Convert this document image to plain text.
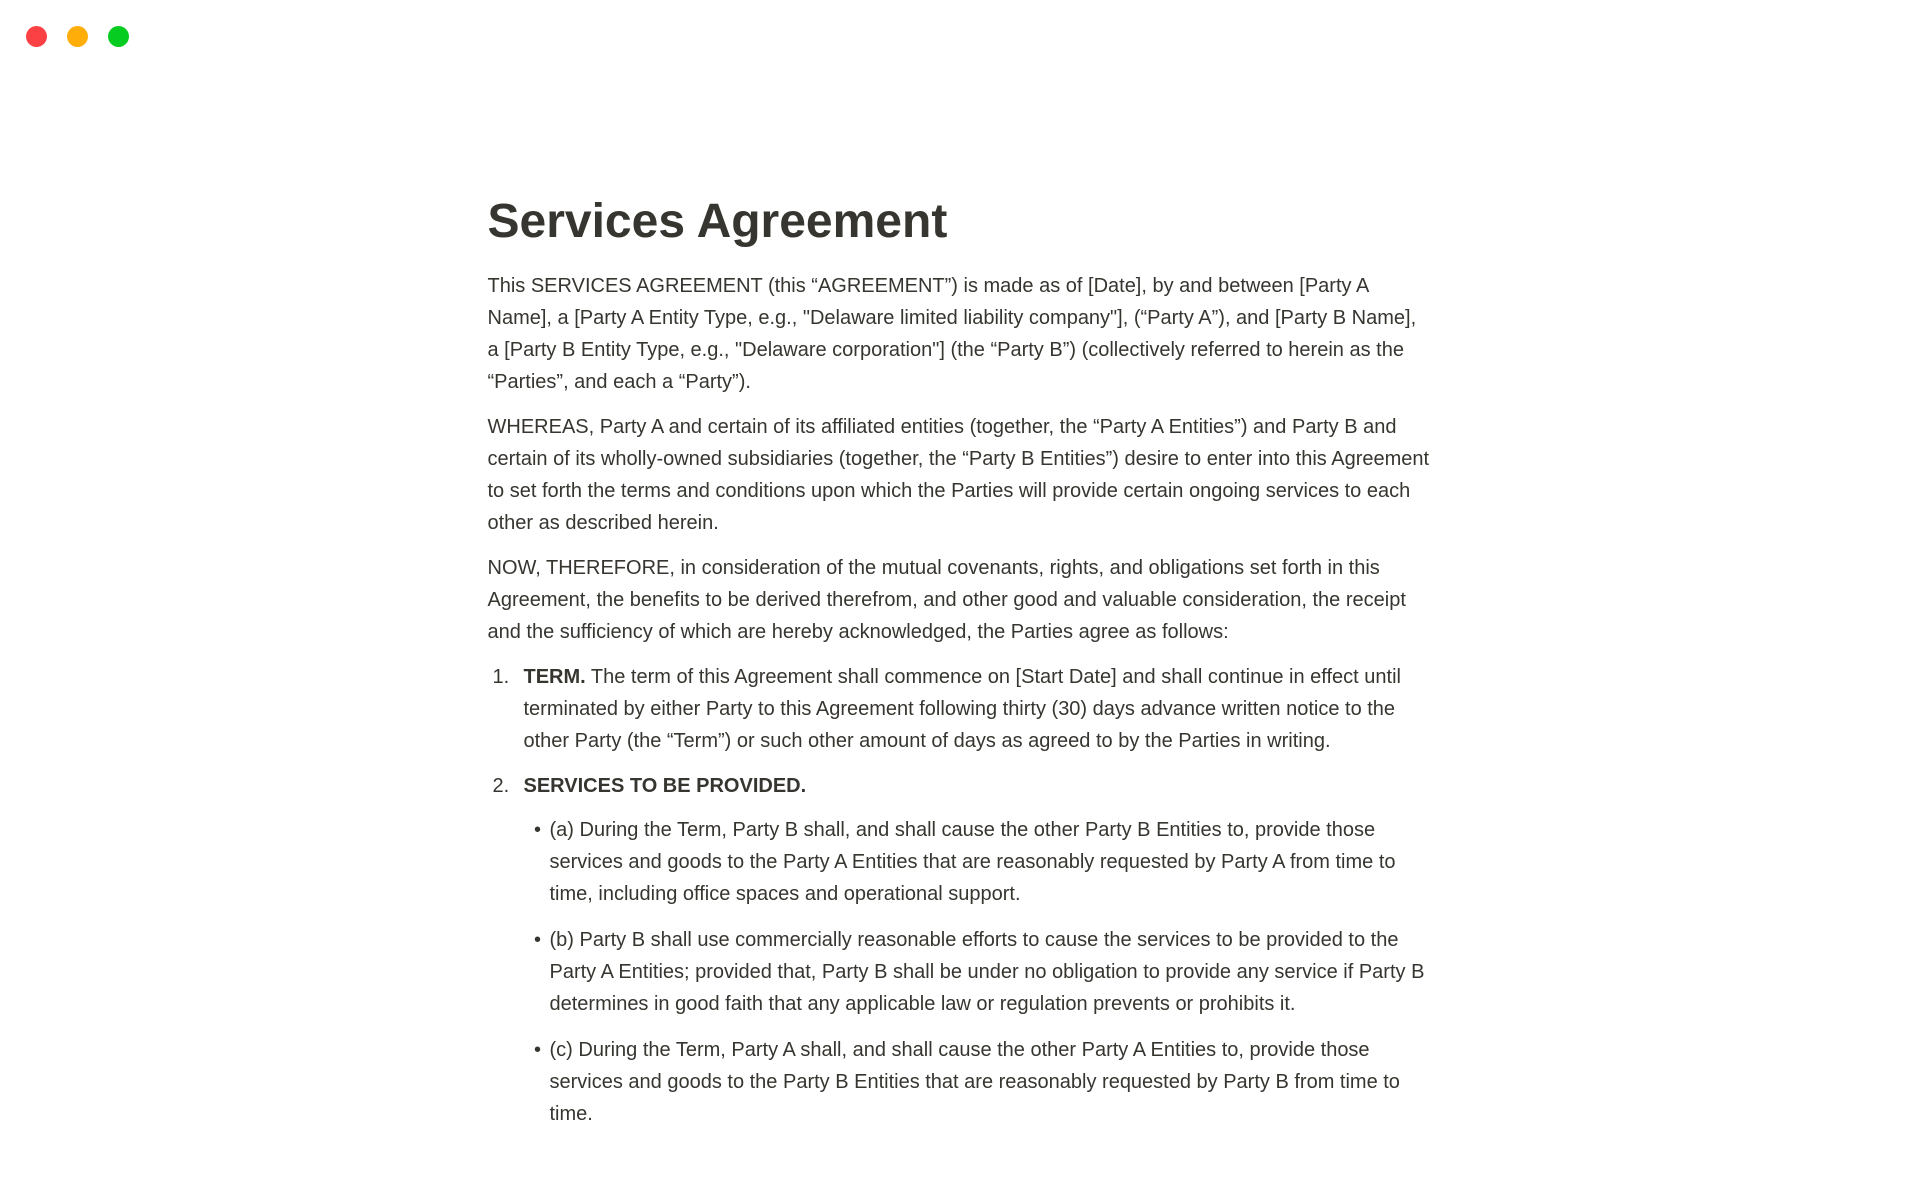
Services Agreement

This SERVICES AGREEMENT (this “AGREEMENT”) is made as of [Date], by and between [Party A Name], a [Party A Entity Type, e.g., "Delaware limited liability company"], (“Party A”), and [Party B Name], a [Party B Entity Type, e.g., "Delaware corporation"] (the “Party B”) (collectively referred to herein as the “Parties”, and each a “Party”).

WHEREAS, Party A and certain of its affiliated entities (together, the “Party A Entities”) and Party B and certain of its wholly-owned subsidiaries (together, the “Party B Entities”) desire to enter into this Agreement to set forth the terms and conditions upon which the Parties will provide certain ongoing services to each other as described herein.

NOW, THEREFORE, in consideration of the mutual covenants, rights, and obligations set forth in this Agreement, the benefits to be derived therefrom, and other good and valuable consideration, the receipt and the sufficiency of which are hereby acknowledged, the Parties agree as follows:

1. TERM. The term of this Agreement shall commence on [Start Date] and shall continue in effect until terminated by either Party to this Agreement following thirty (30) days advance written notice to the other Party (the “Term”) or such other amount of days as agreed to by the Parties in writing.
2. SERVICES TO BE PROVIDED.
• (a) During the Term, Party B shall, and shall cause the other Party B Entities to, provide those services and goods to the Party A Entities that are reasonably requested by Party A from time to time, including office spaces and operational support.
• (b) Party B shall use commercially reasonable efforts to cause the services to be provided to the Party A Entities; provided that, Party B shall be under no obligation to provide any service if Party B determines in good faith that any applicable law or regulation prevents or prohibits it.
• (c) During the Term, Party A shall, and shall cause the other Party A Entities to, provide those services and goods to the Party B Entities that are reasonably requested by Party B from time to time.
